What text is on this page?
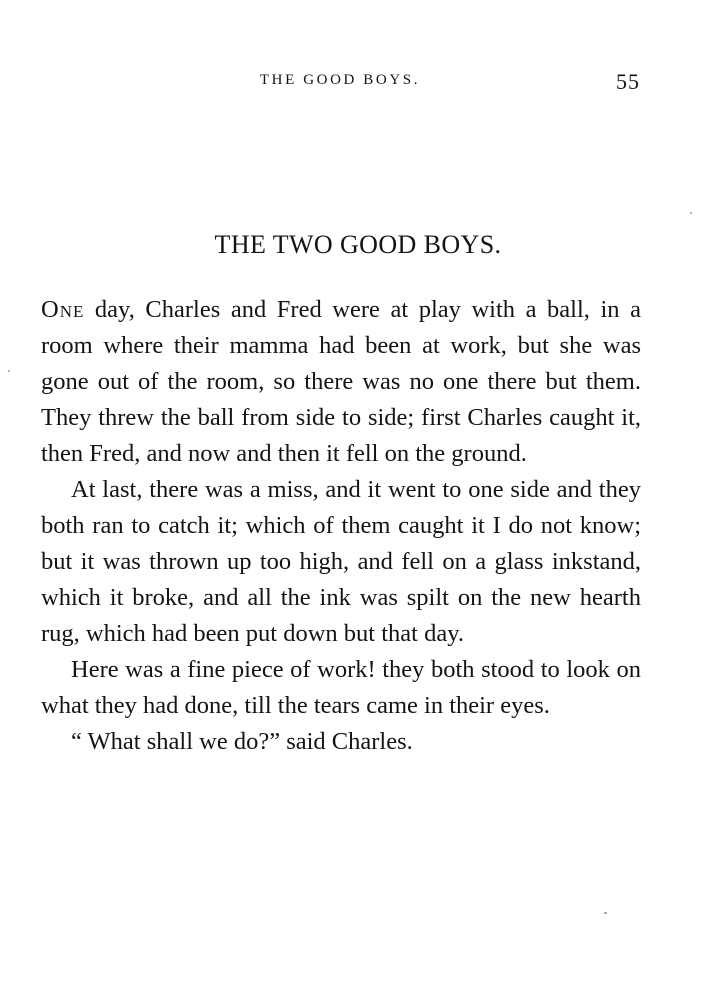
THE GOOD BOYS.	55
THE TWO GOOD BOYS.

One day, Charles and Fred were at play with a ball, in a room where their mamma had been at work, but she was gone out of the room, so there was no one there but them. They threw the ball from side to side; first Charles caught it, then Fred, and now and then it fell on the ground.

At last, there was a miss, and it went to one side and they both ran to catch it; which of them caught it I do not know; but it was thrown up too high, and fell on a glass inkstand, which it broke, and all the ink was spilt on the new hearth rug, which had been put down but that day.

Here was a fine piece of work! they both stood to look on what they had done, till the tears came in their eyes.

“ What shall we do?” said Charles.
